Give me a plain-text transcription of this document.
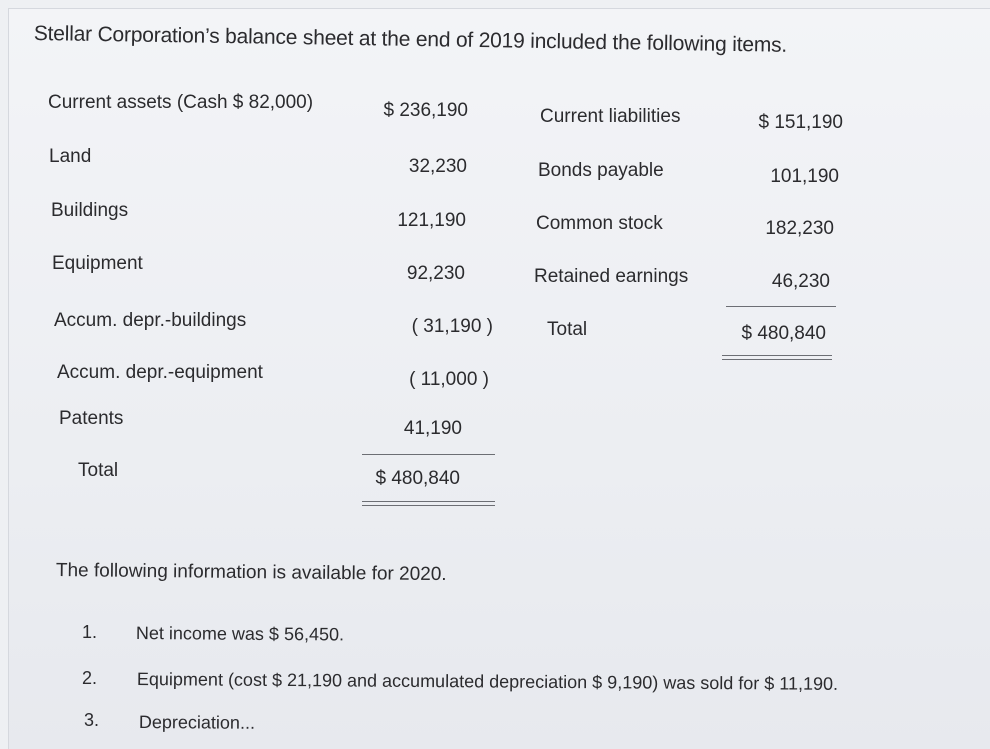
Stellar Corporation’s balance sheet at the end of 2019 included the following items.
Current assets (Cash $ 82,000)	$ 236,190
Land	32,230
Buildings	121,190
Equipment	92,230
Accum. depr.-buildings	( 31,190 )
Accum. depr.-equipment	( 11,000 )
Patents	41,190
Total	$ 480,840
Current liabilities	$ 151,190
Bonds payable	101,190
Common stock	182,230
Retained earnings	46,230
Total	$ 480,840
The following information is available for 2020.
1. Net income was $ 56,450.
2. Equipment (cost $ 21,190 and accumulated depreciation $ 9,190) was sold for $ 11,190.
3. Depreciation...
